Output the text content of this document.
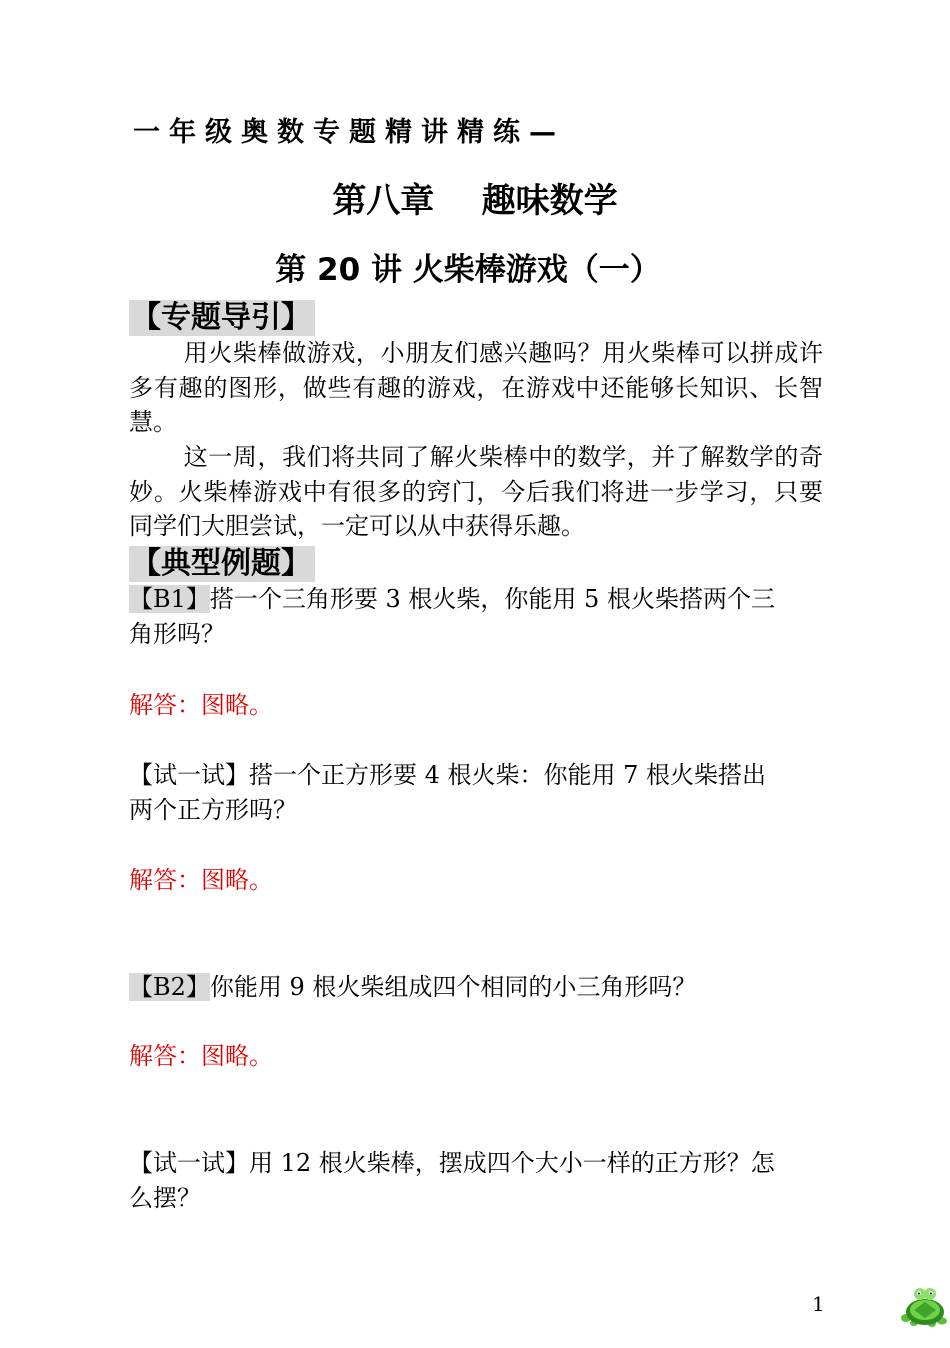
一年级奥数专题精讲精练—
第八章    趣味数学
第 20 讲 火柴棒游戏（一）
【专题导引】
用火柴棒做游戏，小朋友们感兴趣吗？用火柴棒可以拼成许多有趣的图形，做些有趣的游戏，在游戏中还能够长知识、长智慧。
这一周，我们将共同了解火柴棒中的数学，并了解数学的奇妙。火柴棒游戏中有很多的窍门，今后我们将进一步学习，只要同学们大胆尝试，一定可以从中获得乐趣。
【典型例题】
【B1】搭一个三角形要 3 根火柴，你能用 5 根火柴搭两个三
角形吗？
解答：图略。
【试一试】搭一个正方形要 4 根火柴：你能用 7 根火柴搭出
两个正方形吗？
解答：图略。
【B2】你能用 9 根火柴组成四个相同的小三角形吗？
解答：图略。
【试一试】用 12 根火柴棒，摆成四个大小一样的正方形？怎
么摆？
1
